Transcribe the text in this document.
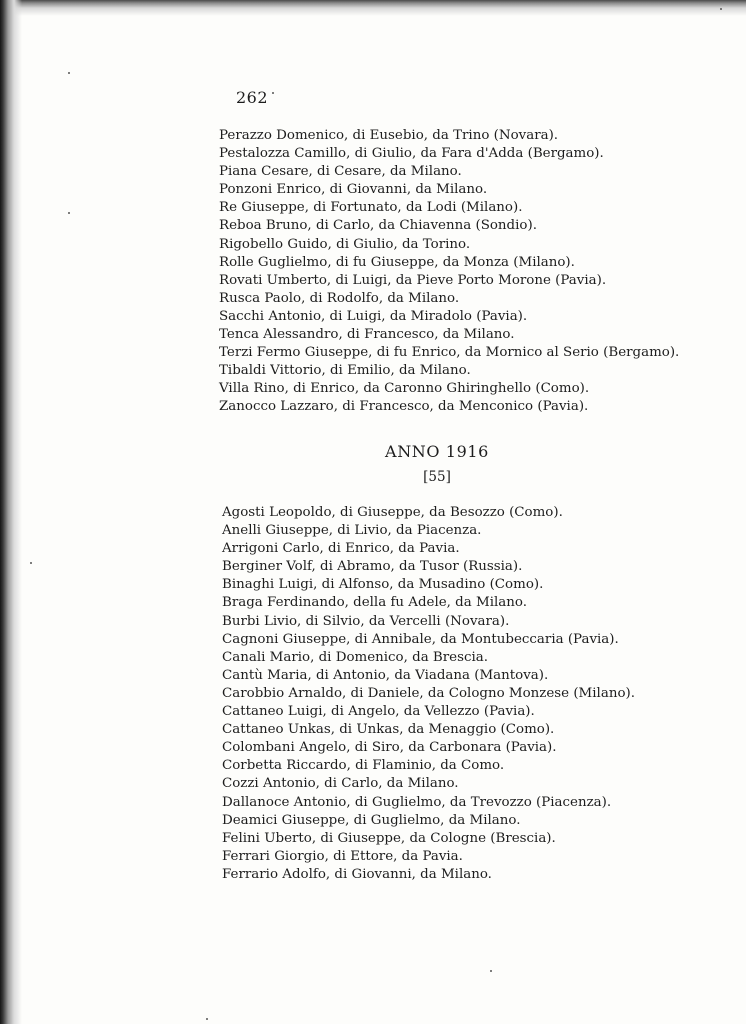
262
Perazzo Domenico, di Eusebio, da Trino (Novara).
Pestalozza Camillo, di Giulio, da Fara d'Adda (Bergamo).
Piana Cesare, di Cesare, da Milano.
Ponzoni Enrico, di Giovanni, da Milano.
Re Giuseppe, di Fortunato, da Lodi (Milano).
Reboa Bruno, di Carlo, da Chiavenna (Sondio).
Rigobello Guido, di Giulio, da Torino.
Rolle Guglielmo, di fu Giuseppe, da Monza (Milano).
Rovati Umberto, di Luigi, da Pieve Porto Morone (Pavia).
Rusca Paolo, di Rodolfo, da Milano.
Sacchi Antonio, di Luigi, da Miradolo (Pavia).
Tenca Alessandro, di Francesco, da Milano.
Terzi Fermo Giuseppe, di fu Enrico, da Mornico al Serio (Bergamo).
Tibaldi Vittorio, di Emilio, da Milano.
Villa Rino, di Enrico, da Caronno Ghiringhello (Como).
Zanocco Lazzaro, di Francesco, da Menconico (Pavia).
ANNO 1916
[55]
Agosti Leopoldo, di Giuseppe, da Besozzo (Como).
Anelli Giuseppe, di Livio, da Piacenza.
Arrigoni Carlo, di Enrico, da Pavia.
Berginer Volf, di Abramo, da Tusor (Russia).
Binaghi Luigi, di Alfonso, da Musadino (Como).
Braga Ferdinando, della fu Adele, da Milano.
Burbi Livio, di Silvio, da Vercelli (Novara).
Cagnoni Giuseppe, di Annibale, da Montubeccaria (Pavia).
Canali Mario, di Domenico, da Brescia.
Cantù Maria, di Antonio, da Viadana (Mantova).
Carobbio Arnaldo, di Daniele, da Cologno Monzese (Milano).
Cattaneo Luigi, di Angelo, da Vellezzo (Pavia).
Cattaneo Unkas, di Unkas, da Menaggio (Como).
Colombani Angelo, di Siro, da Carbonara (Pavia).
Corbetta Riccardo, di Flaminio, da Como.
Cozzi Antonio, di Carlo, da Milano.
Dallanoce Antonio, di Guglielmo, da Trevozzo (Piacenza).
Deamici Giuseppe, di Guglielmo, da Milano.
Felini Uberto, di Giuseppe, da Cologne (Brescia).
Ferrari Giorgio, di Ettore, da Pavia.
Ferrario Adolfo, di Giovanni, da Milano.
